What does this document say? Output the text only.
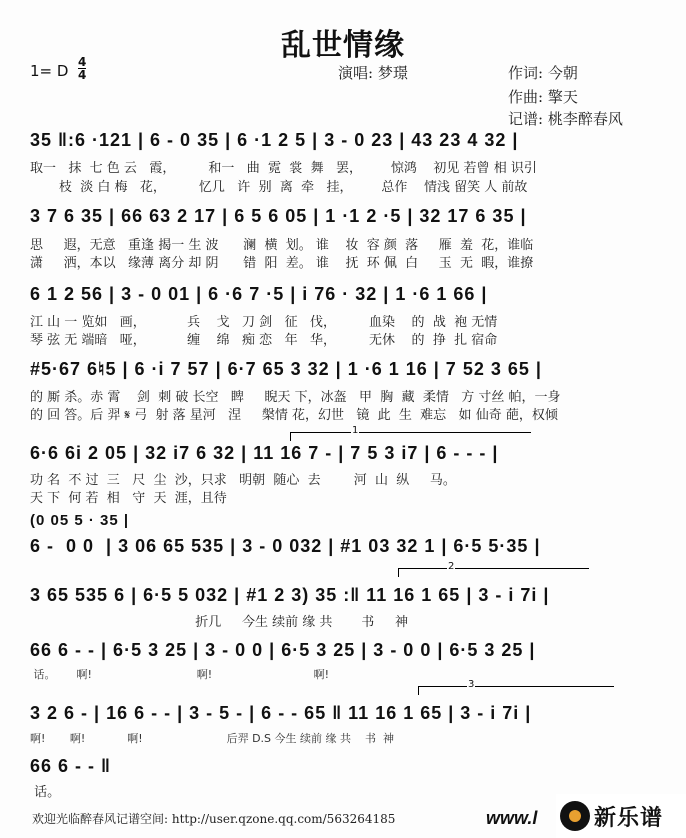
乱世情缘
1= D 4
4	演唱: 梦璟	作词: 今朝
作曲: 擎天
记谱: 桃李醉春风
35 ‖:6 ·121 | 6 - 0 35 | 6 ·1 2 5 | 3 - 0 23 | 43 23 4 32 |
取一   抹  七 色 云   霞，        和一   曲  霓  裳  舞   罢，       惊鸿    初见 若曾 相 识引
枝  淡 白 梅   花，        忆几   许  别  离  牵   挂，       总作    情浅 留笑 人 前故
3 7 6 35 | 66 63 2 17 | 6 5 6 05 | 1 ·1 2 ·5 | 32 17 6 35 |
思     遐，无意   重逢 揭一 生 波      澜  横  划。 谁    妆  容 颜  落     雁  羞  花，谁临
潇     洒，本以   缘薄 离分 却 阴      错  阳  差。 谁    抚  环 佩  白     玉  无  暇，谁撩
6 1 2 56 | 3 - 0 01 | 6 ·6 7 ·5 | i 76 · 32 | 1 ·6 1 66 |
江 山 一 览如   画，          兵    戈   刀 剑   征   伐，        血染    的  战  袍 无情
琴 弦 无 端暗   哑，          缠    绵   痴 恋   年   华，        无休    的  挣  扎 宿命
#5·67 6♮5 | 6 ·i 7 57 | 6·7 65 3 32 | 1 ·6 1 16 | 7 52 3 65 |
的 厮 杀。赤 霄    剑  刺 破 长空   睥     睨天 下，冰盔   甲  胸  藏  柔情   方 寸丝 帕，一身
的 回 答。后 羿 𝄋 弓  射 落 星河   涅     槃情 花，幻世   镜  此  生  难忘   如 仙奇 葩，权倾
1
6·6 6i 2 05 | 32 i7 6 32 | 11 16 7 - | 7 5 3 i7 | 6 - - - |
功 名  不 过  三   尺  尘  沙，只求   明朝  随心  去        河  山  纵     马。
天 下  何 若  相   守  天  涯，且待
(0 05 5 · 35 |
6 -  0 0  | 3 06 65 535 | 3 - 0 032 | #1 03 32 1 | 6·5 5·35 |
2
3 65 535 6 | 6·5 5 032 | #1 2 3) 35 :‖ 11 16 1 65 | 3 - i 7i |
折几     今生 续前 缘 共       书     神
66 6 - - | 6·5 3 25 | 3 - 0 0 | 6·5 3 25 | 3 - 0 0 | 6·5 3 25 |
话。      啊!                              啊!                             啊!
3
3 2 6 - | 16 6 - - | 3 - 5 - | 6 - - 65 ‖ 11 16 1 65 | 3 - i 7i |
啊!       啊!            啊!                        后羿 D.S 今生 续前 缘 共    书  神
66 6 - - ‖
话。
欢迎光临醉春风记谱空间: http://user.qzone.qq.com/563264185	www.l	新乐谱
